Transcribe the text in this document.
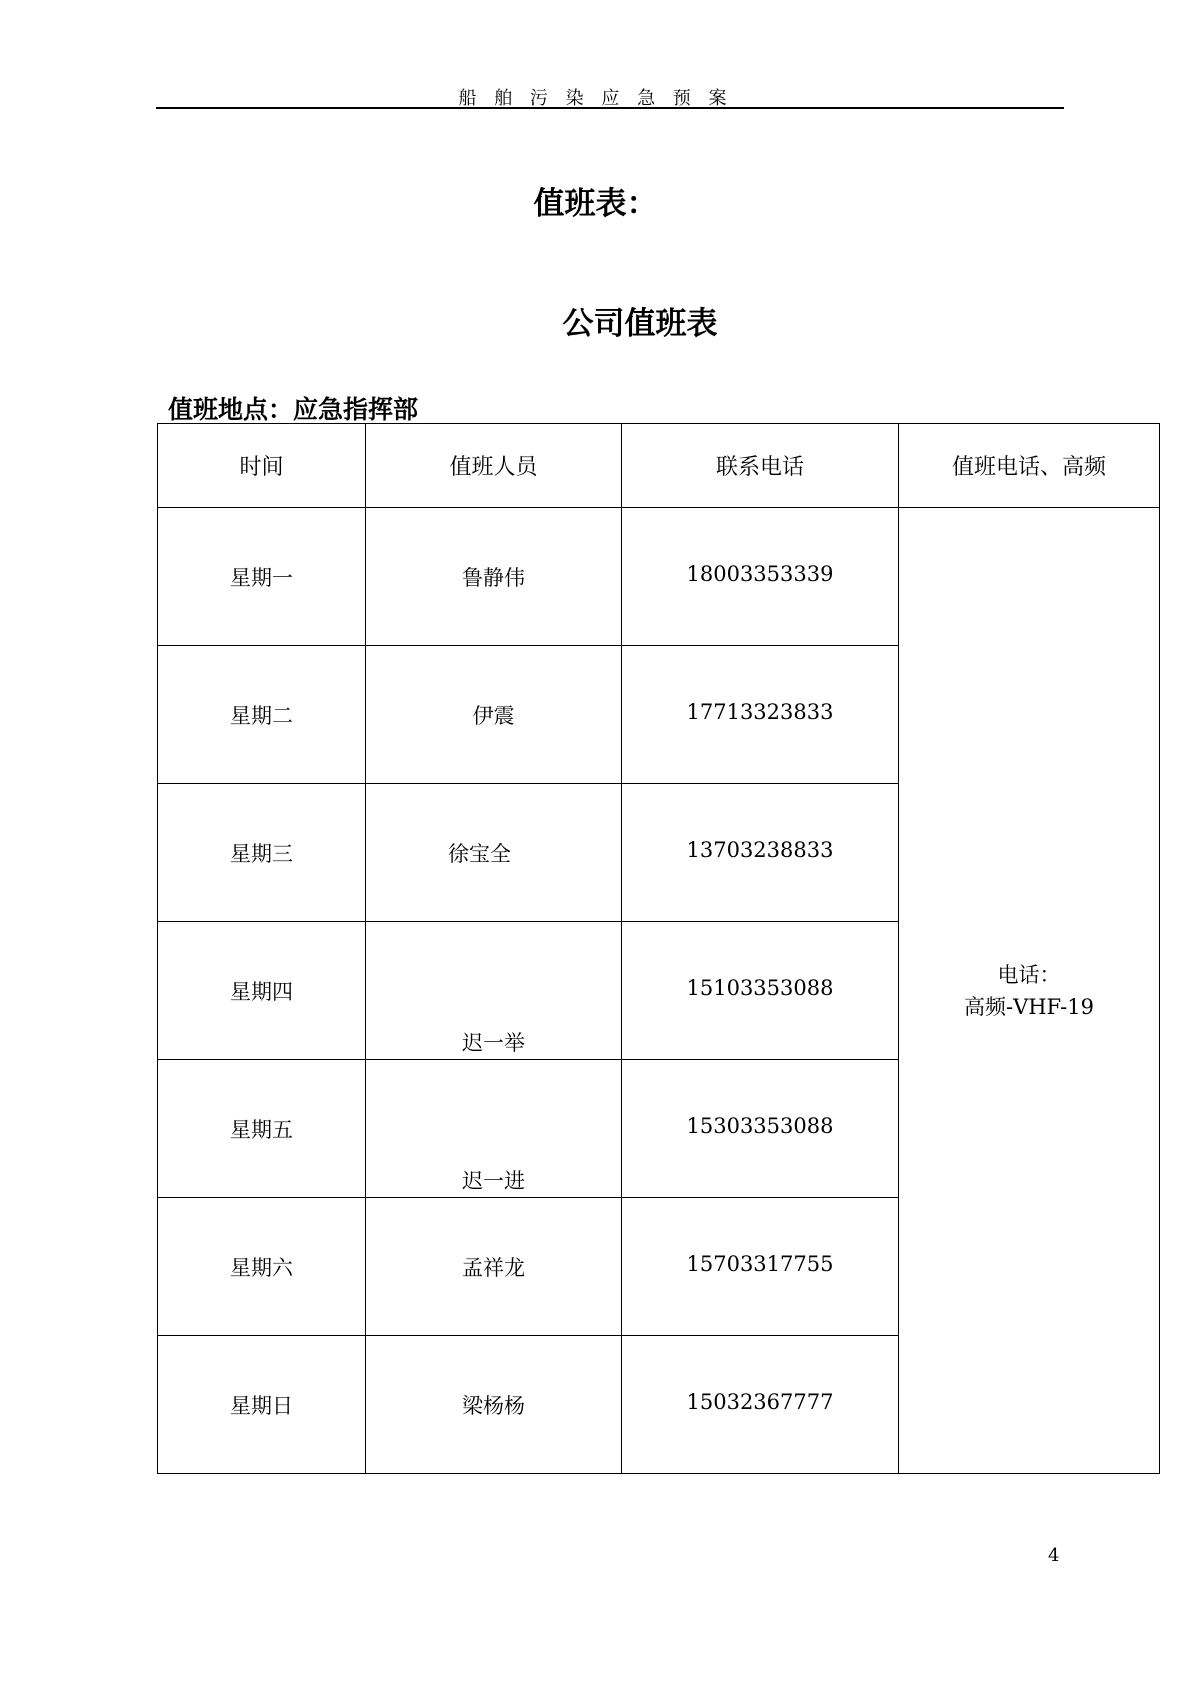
船 舶 污 染 应 急 预 案
值班表：
公司值班表
值班地点：应急指挥部
时间	值班人员	联系电话	值班电话、高频

星期一	鲁静伟	18003353339	电话：
高频-VHF-19

星期二	伊震	17713323833	

星期三	徐宝全	13703238833	

星期四	迟一举	15103353088	

星期五	迟一进	15303353088	

星期六	孟祥龙	15703317755	

星期日	梁杨杨	15032367777	
4
